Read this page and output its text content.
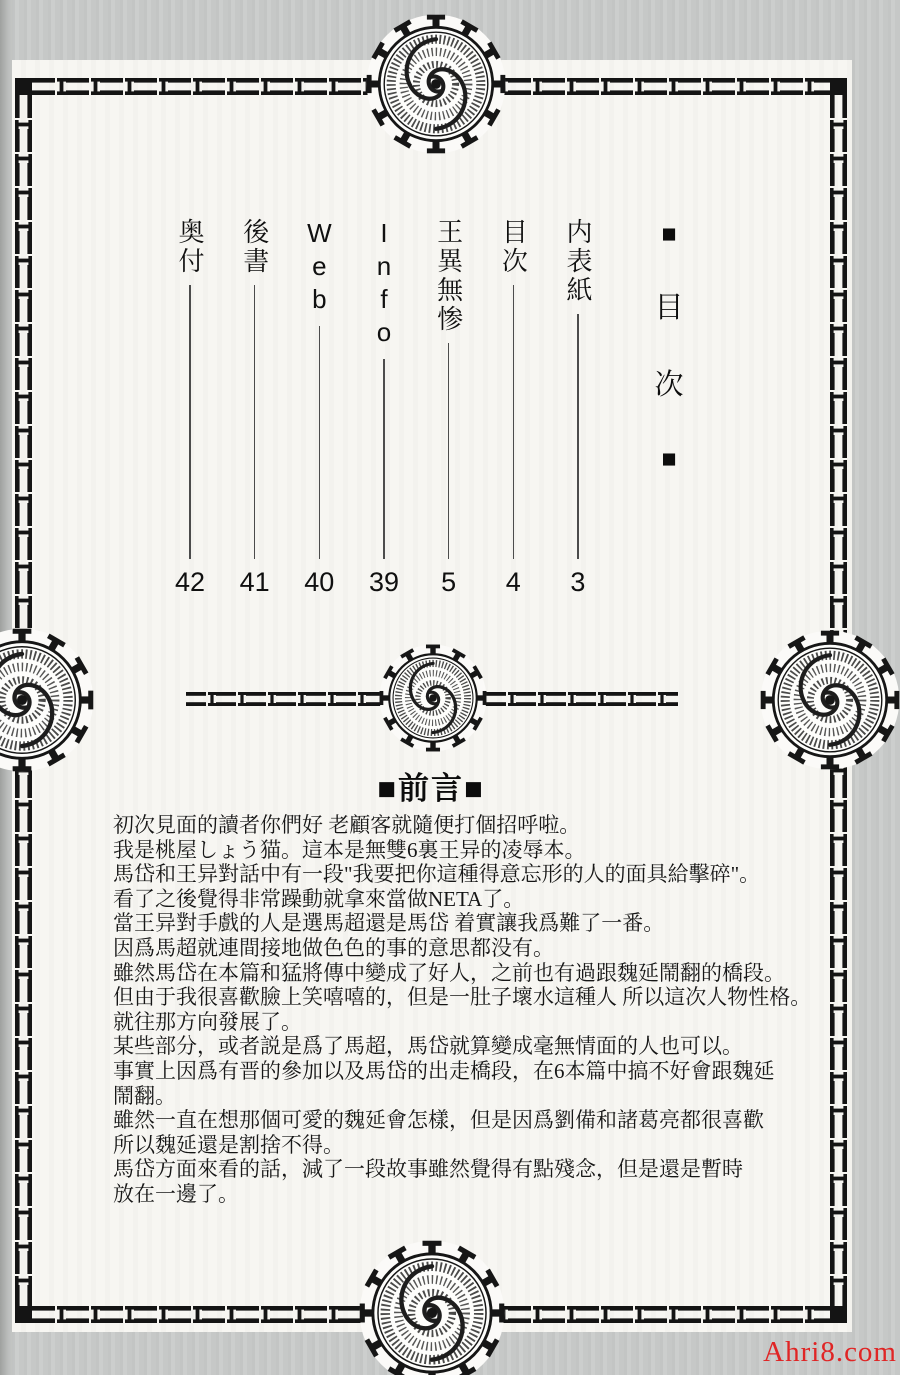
■
目
次
■
内表紙
3
目次
4
王異無惨
5
Info
39
Web
40
後書
41
奥付
42
■前言■
初次見面的讀者你們好 老顧客就隨便打個招呼啦。
我是桃屋しょう猫。這本是無雙6裏王异的凌辱本。
馬岱和王异對話中有一段"我要把你這種得意忘形的人的面具給擊碎"。
看了之後覺得非常躁動就拿來當做NETA了。
當王异對手戲的人是選馬超還是馬岱 着實讓我爲難了一番。
因爲馬超就連間接地做色色的事的意思都没有。
雖然馬岱在本篇和猛將傳中變成了好人，之前也有過跟魏延鬧翻的橋段。
但由于我很喜歡臉上笑嘻嘻的，但是一肚子壞水這種人 所以這次人物性格。
就往那方向發展了。
某些部分，或者説是爲了馬超，馬岱就算變成毫無情面的人也可以。
事實上因爲有晋的參加以及馬岱的出走橋段，在6本篇中搞不好會跟魏延
鬧翻。
雖然一直在想那個可愛的魏延會怎樣，但是因爲劉備和諸葛亮都很喜歡
所以魏延還是割捨不得。
馬岱方面來看的話，減了一段故事雖然覺得有點殘念，但是還是暫時
放在一邊了。
Ahri8.com
